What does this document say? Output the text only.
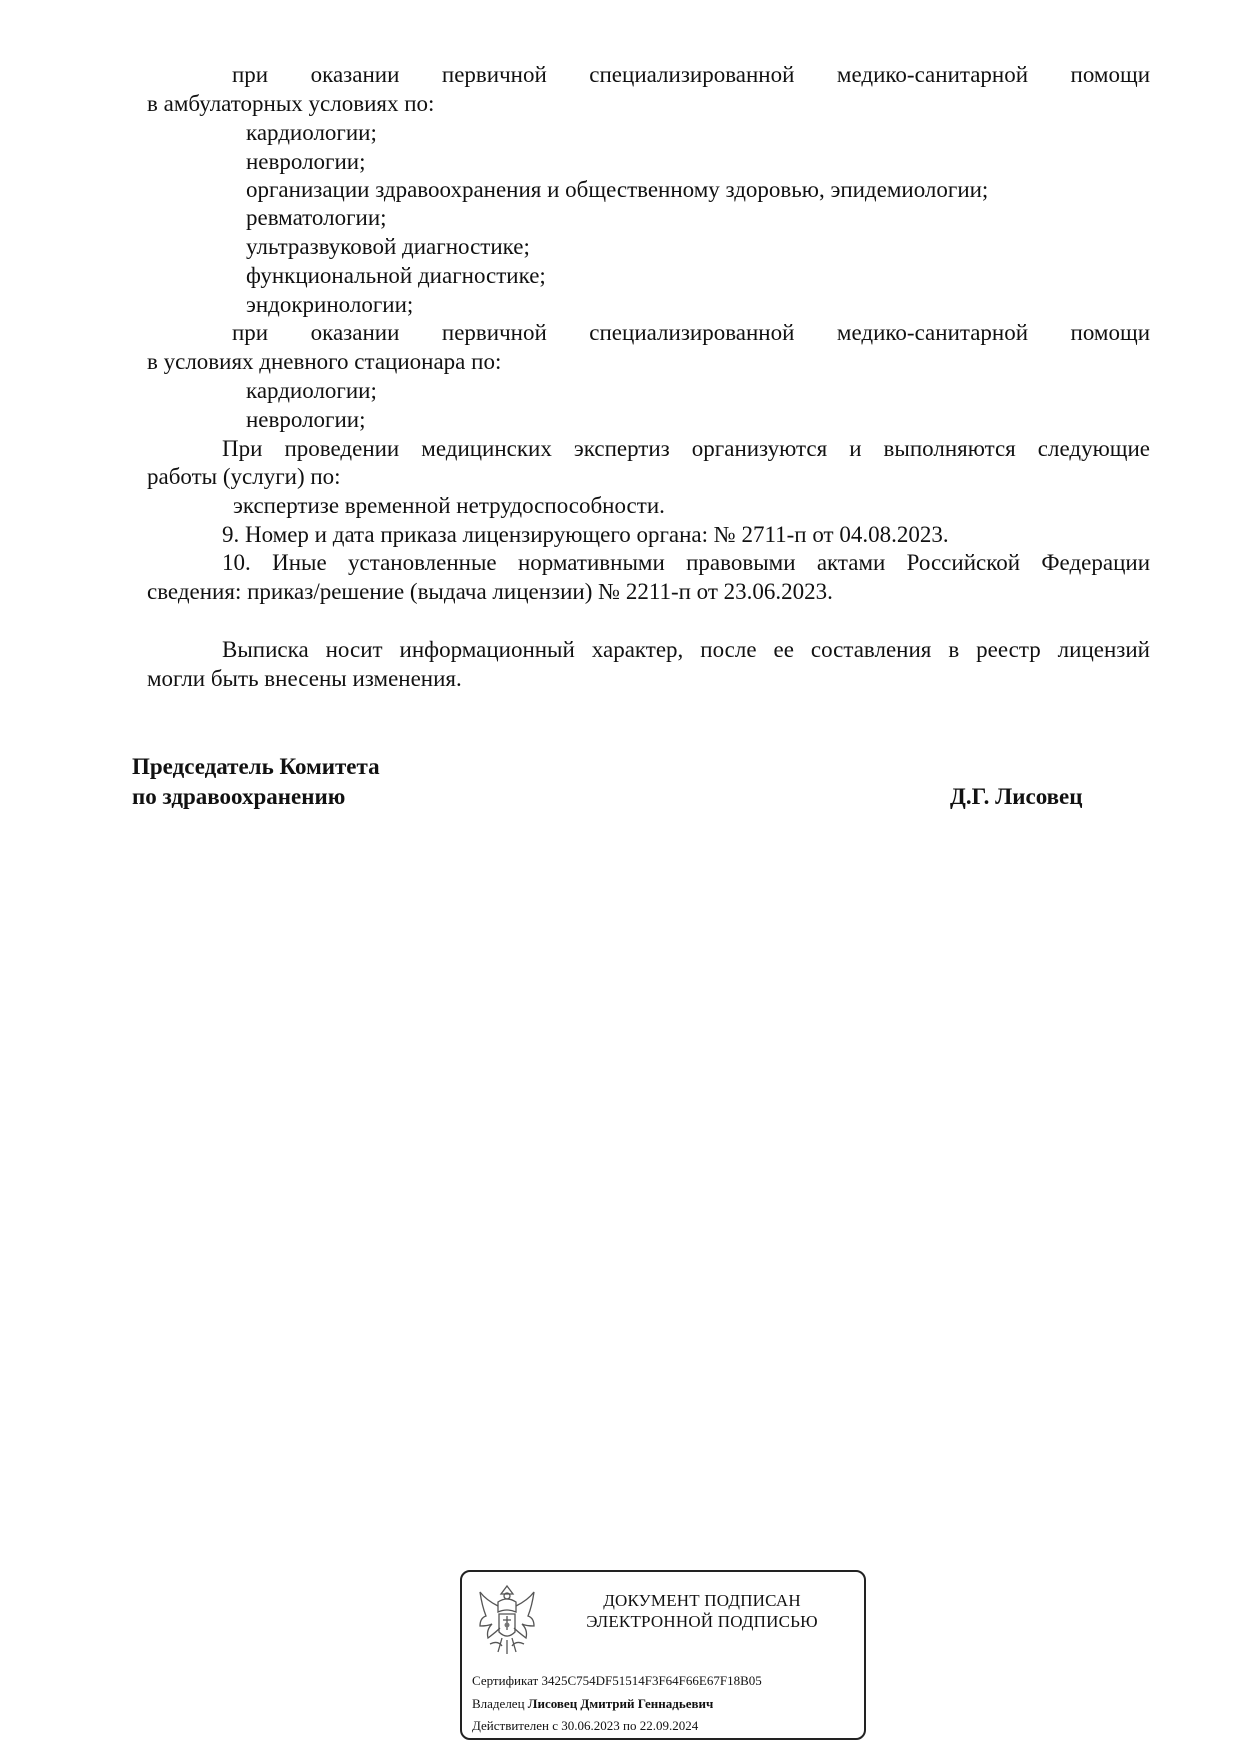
при оказании первичной специализированной медико-санитарной помощи
в амбулаторных условиях по:
кардиологии;
неврологии;
организации здравоохранения и общественному здоровью, эпидемиологии;
ревматологии;
ультразвуковой диагностике;
функциональной диагностике;
эндокринологии;
при оказании первичной специализированной медико-санитарной помощи
в условиях дневного стационара по:
кардиологии;
неврологии;
При проведении медицинских экспертиз организуются и выполняются следующие
работы (услуги) по:
экспертизе временной нетрудоспособности.
9. Номер и дата приказа лицензирующего органа: № 2711-п от 04.08.2023.
10. Иные установленные нормативными правовыми актами Российской Федерации
сведения: приказ/решение (выдача лицензии) № 2211-п от 23.06.2023.
Выписка носит информационный характер, после ее составления в реестр лицензий
могли быть внесены изменения.
Председатель Комитета
по здравоохранению	Д.Г. Лисовец
ДОКУМЕНТ ПОДПИСАН
ЭЛЕКТРОННОЙ ПОДПИСЬЮ
Сертификат 3425C754DF51514F3F64F66E67F18B05
Владелец Лисовец Дмитрий Геннадьевич
Действителен с 30.06.2023 по 22.09.2024
